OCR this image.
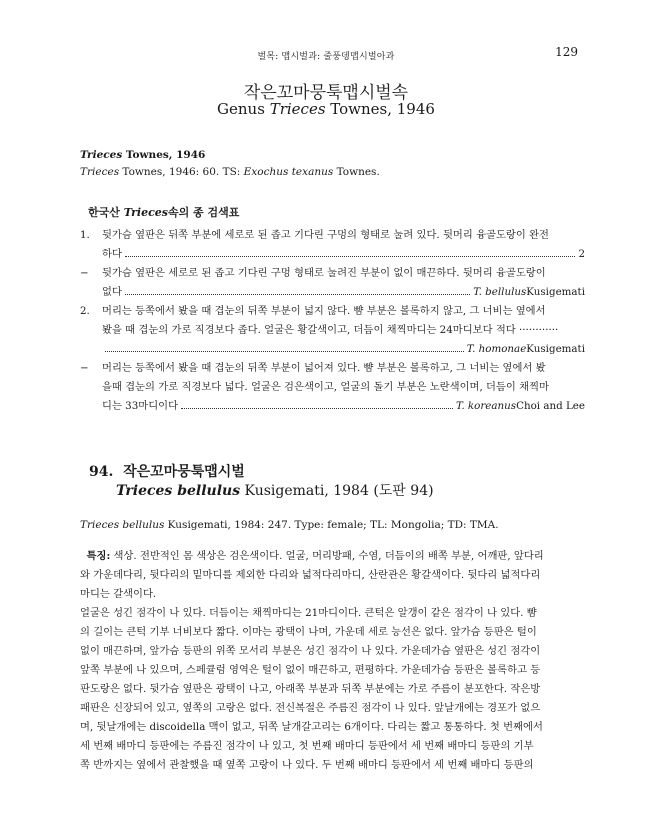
벌목: 맵시벌과: 줄풍뎅맵시벌아과	129
작은꼬마뭉툭맵시벌속
Genus Trieces Townes, 1946
Trieces Townes, 1946
Trieces Townes, 1946: 60. TS: Exochus texanus Townes.
한국산 Trieces속의 종 검색표
1.	뒷가슴 옆판은 뒤쪽 부분에 세로로 된 좁고 기다린 구멍의 형태로 눌려 있다. 뒷머리 융골도랑이 완전
하다	2
−	뒷가슴 옆판은 세로로 된 좁고 기다린 구멍 형태로 눌려진 부분이 없이 매끈하다. 뒷머리 융골도랑이
없다	T. bellulus Kusigemati
2.	머리는 등쪽에서 봤을 때 겹눈의 뒤쪽 부분이 넓지 않다. 뺨 부분은 볼록하지 않고, 그 너비는 옆에서
봤을 때 겹눈의 가로 직경보다 좁다. 얼굴은 황갈색이고, 더듬이 채찍마디는 24마디보다 적다 ············
T. homonae Kusigemati
−	머리는 등쪽에서 봤을 때 겹눈의 뒤쪽 부분이 넓어져 있다. 뺨 부분은 볼록하고, 그 너비는 옆에서 봤
을때 겹눈의 가로 직경보다 넓다. 얼굴은 검은색이고, 얼굴의 돌기 부분은 노란색이며, 더듬이 채찍마
디는 33마디이다	T. koreanus Choi and Lee
94. 작은꼬마뭉툭맵시벌
Trieces bellulus Kusigemati, 1984 (도판 94)
Trieces bellulus Kusigemati, 1984: 247. Type: female; TL: Mongolia; TD: TMA.
특징: 색상. 전반적인 몸 색상은 검은색이다. 얼굴, 머리방패, 수염, 더듬이의 배쪽 부분, 어깨판, 앞다리
와 가운데다리, 뒷다리의 밑마디를 제외한 다리와 넓적다리마디, 산란관은 황갈색이다. 뒷다리 넓적다리
마디는 갈색이다.
얼굴은 성긴 점각이 나 있다. 더듬이는 채찍마디는 21마디이다. 큰턱은 알갱이 같은 점각이 나 있다. 뺨
의 길이는 큰턱 기부 너비보다 짧다. 이마는 광택이 나며, 가운데 세로 능선은 없다. 앞가슴 등판은 털이
없이 매끈하며, 앞가슴 등판의 위쪽 모서리 부분은 성긴 점각이 나 있다. 가운데가슴 옆판은 성긴 점각이
앞쪽 부분에 나 있으며, 스페큘럼 영역은 털이 없이 매끈하고, 편평하다. 가운데가슴 등판은 볼록하고 등
판도랑은 없다. 뒷가슴 옆판은 광택이 나고, 아래쪽 부분과 뒤쪽 부분에는 가로 주름이 분포한다. 작은방
패판은 신장되어 있고, 옆쪽의 고랑은 없다. 전신복절은 주름진 점각이 나 있다. 앞날개에는 경포가 없으
며, 뒷날개에는 discoidella 맥이 없고, 뒤쪽 날개갈고리는 6개이다. 다리는 짧고 통통하다. 첫 번째에서
세 번째 배마디 등판에는 주름진 점각이 나 있고, 첫 번째 배마디 등판에서 세 번째 배마디 등판의 기부
쪽 반까지는 옆에서 관찰했을 때 옆쪽 고랑이 나 있다. 두 번째 배마디 등판에서 세 번째 배마디 등판의
